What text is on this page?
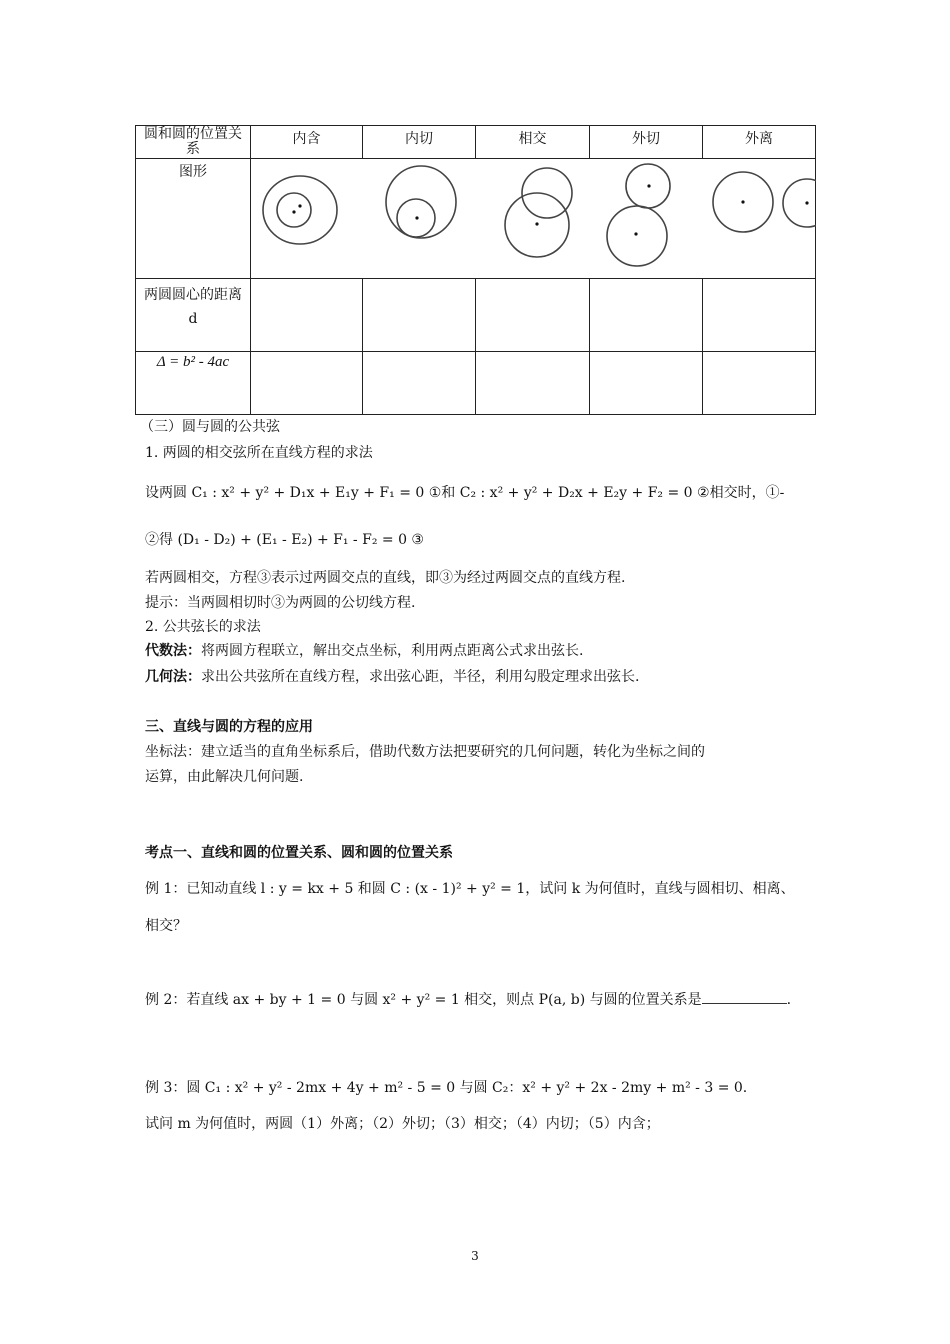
圆和圆的位置关系	内含	内切	相交	外切	外离
图形	

两圆圆心的距离d					
Δ = b² - 4ac					
（三）圆与圆的公共弦
1. 两圆的相交弦所在直线方程的求法
设两圆 C₁ : x² + y² + D₁x + E₁y + F₁ = 0 ①和 C₂ : x² + y² + D₂x + E₂y + F₂ = 0 ②相交时，①-
②得 (D₁ - D₂) + (E₁ - E₂) + F₁ - F₂ = 0 ③
若两圆相交，方程③表示过两圆交点的直线，即③为经过两圆交点的直线方程.
提示：当两圆相切时③为两圆的公切线方程.
2. 公共弦长的求法
代数法：将两圆方程联立，解出交点坐标，利用两点距离公式求出弦长.
几何法：求出公共弦所在直线方程，求出弦心距，半径，利用勾股定理求出弦长.
三、直线与圆的方程的应用
坐标法：建立适当的直角坐标系后，借助代数方法把要研究的几何问题，转化为坐标之间的
运算，由此解决几何问题.
考点一、直线和圆的位置关系、圆和圆的位置关系
例 1：已知动直线 l : y = kx + 5 和圆 C : (x - 1)² + y² = 1，试问 k 为何值时，直线与圆相切、相离、
相交？
例 2：若直线 ax + by + 1 = 0 与圆 x² + y² = 1 相交，则点 P(a, b) 与圆的位置关系是	.
例 3：圆 C₁ : x² + y² - 2mx + 4y + m² - 5 = 0 与圆 C₂：x² + y² + 2x - 2my + m² - 3 = 0.
试问 m 为何值时，两圆（1）外离；（2）外切；（3）相交；（4）内切；（5）内含；
3
